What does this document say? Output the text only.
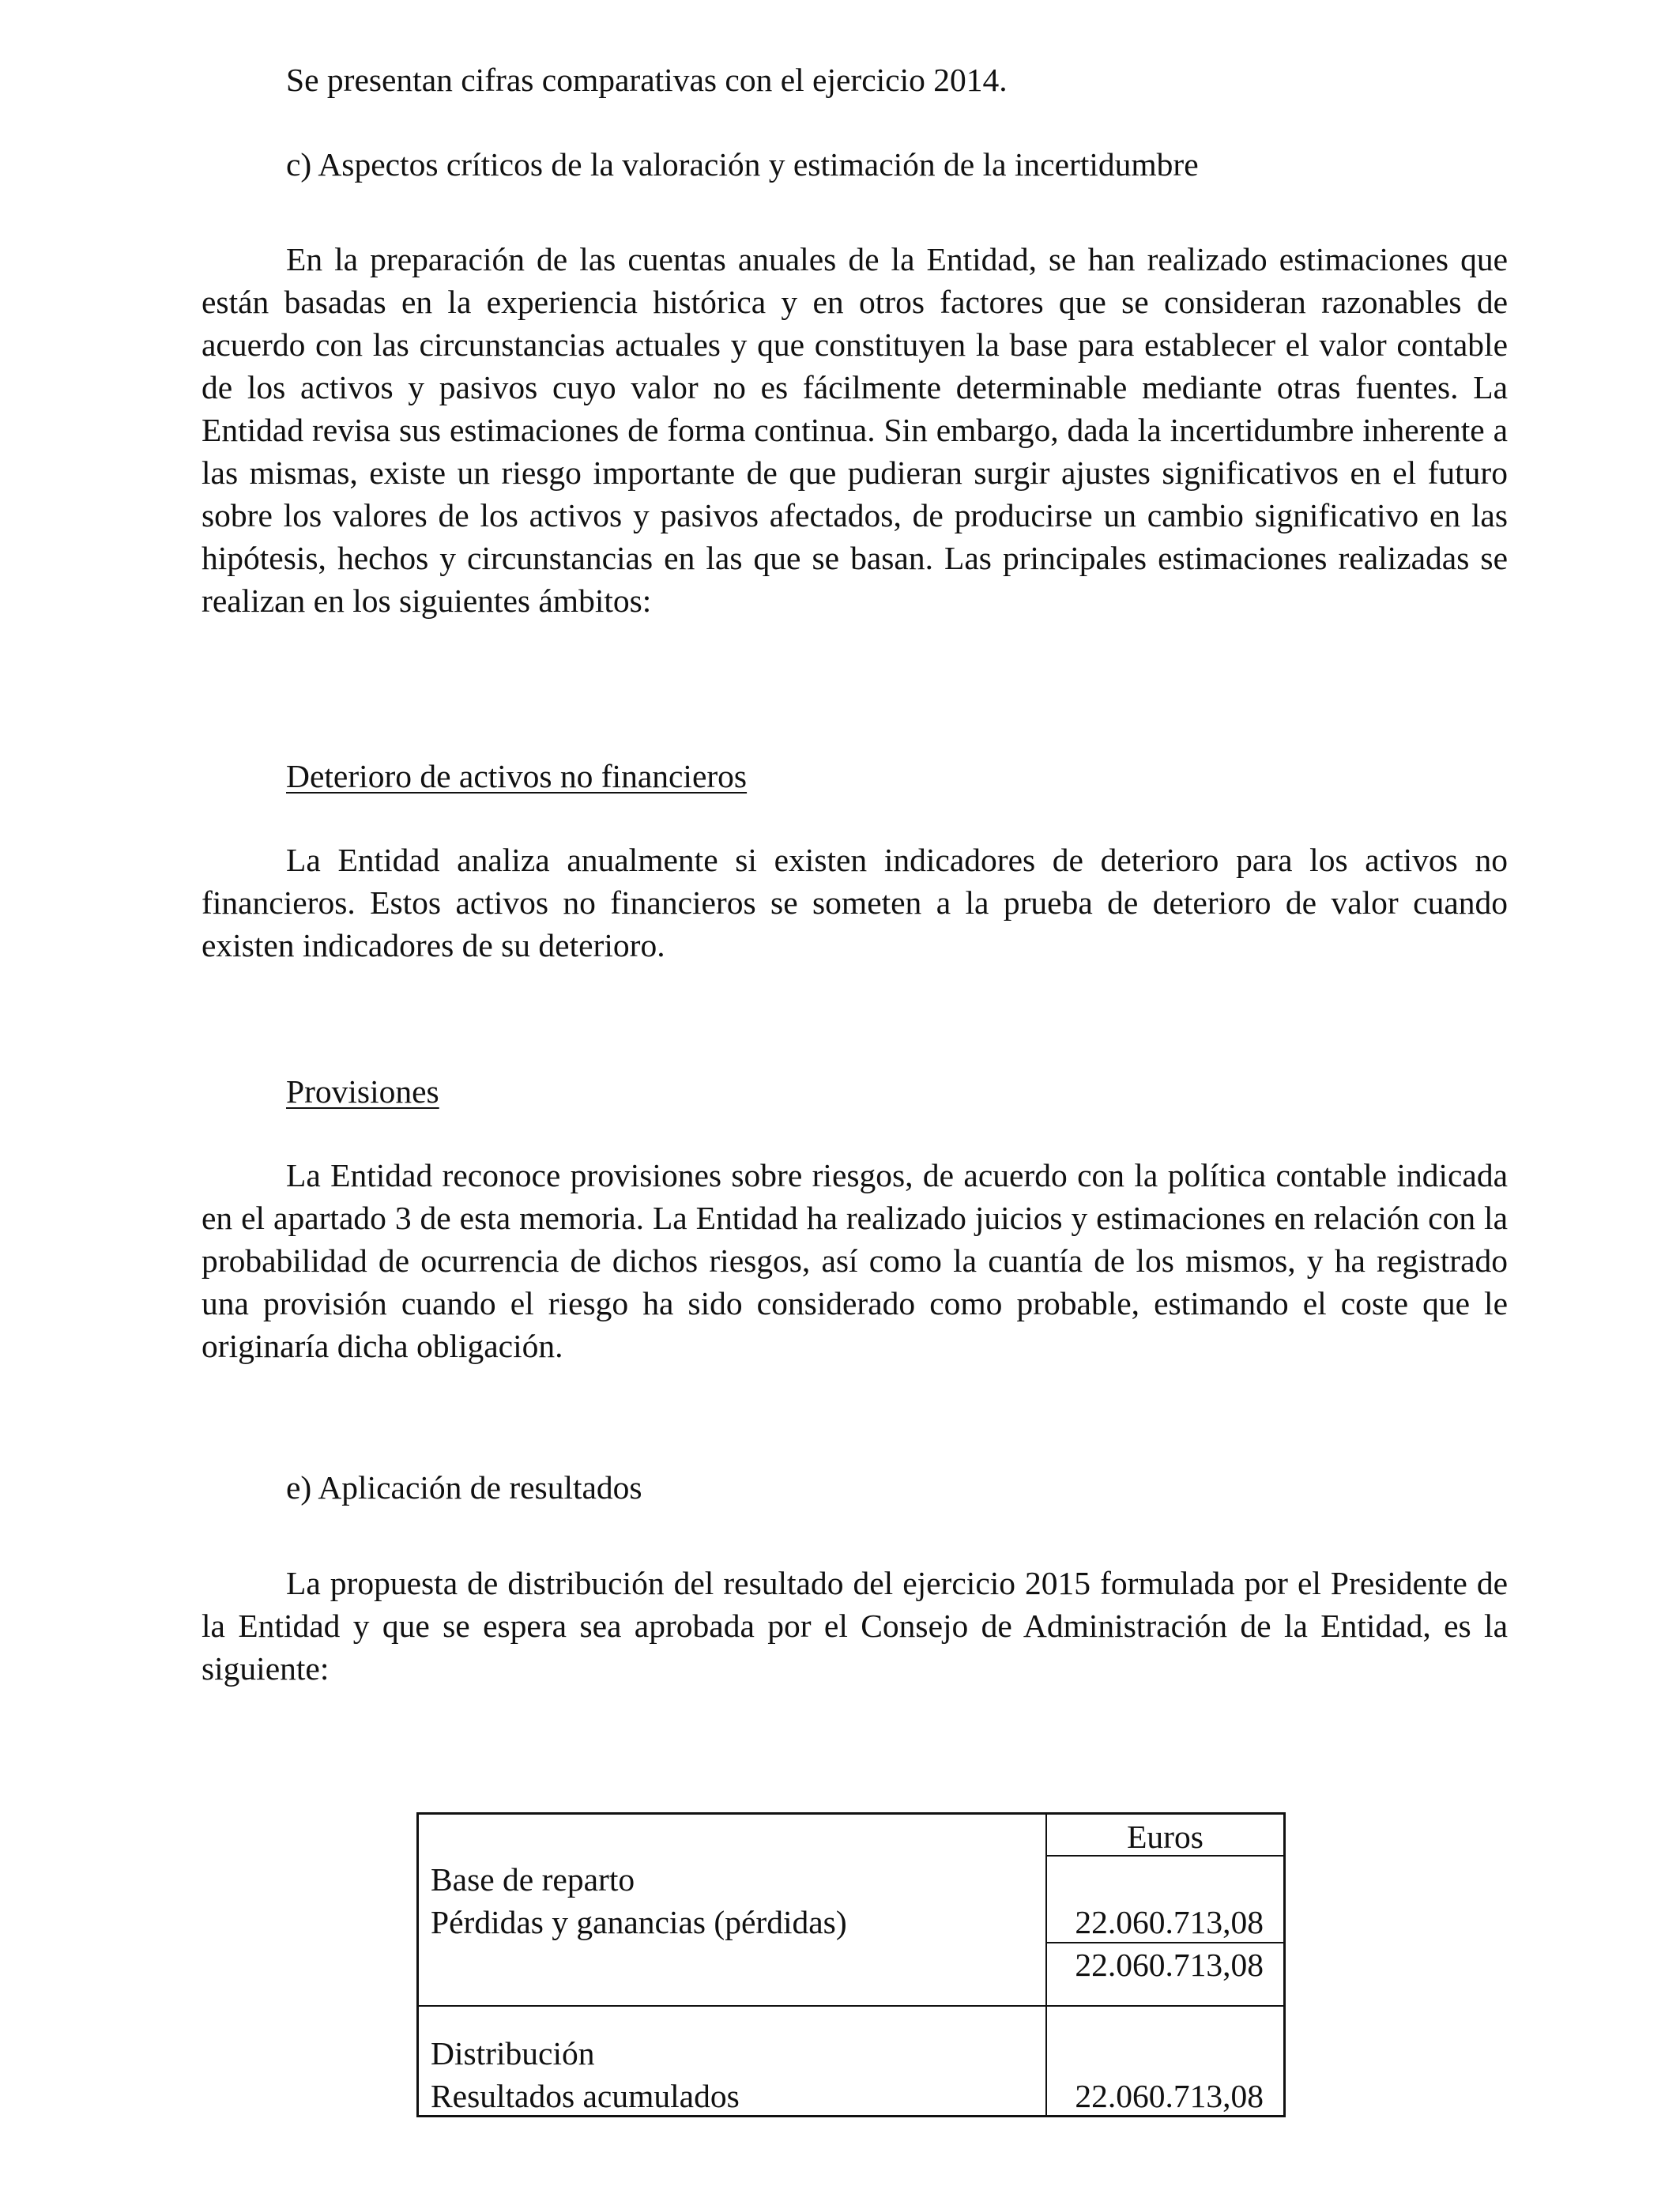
Se presentan cifras comparativas con el ejercicio 2014.

c) Aspectos críticos de la valoración y estimación de la incertidumbre

En la preparación de las cuentas anuales de la Entidad, se han realizado estimaciones que están basadas en la experiencia histórica y en otros factores que se consideran razonables de acuerdo con las circunstancias actuales y que constituyen la base para establecer el valor contable de los activos y pasivos cuyo valor no es fácilmente determinable mediante otras fuentes. La Entidad revisa sus estimaciones de forma continua. Sin embargo, dada la incertidumbre inherente a las mismas, existe un riesgo importante de que pudieran surgir ajustes significativos en el futuro sobre los valores de los activos y pasivos afectados, de producirse un cambio significativo en las hipótesis, hechos y circunstancias en las que se basan. Las principales estimaciones realizadas se realizan en los siguientes ámbitos:

Deterioro de activos no financieros

La Entidad analiza anualmente si existen indicadores de deterioro para los activos no financieros. Estos activos no financieros se someten a la prueba de deterioro de valor cuando existen indicadores de su deterioro.

Provisiones

La Entidad reconoce provisiones sobre riesgos, de acuerdo con la política contable indicada en el apartado 3 de esta memoria. La Entidad ha realizado juicios y estimaciones en relación con la probabilidad de ocurrencia de dichos riesgos, así como la cuantía de los mismos, y ha registrado una provisión cuando el riesgo ha sido considerado como probable, estimando el coste que le originaría dicha obligación.

e) Aplicación de resultados

La propuesta de distribución del resultado del ejercicio 2015 formulada por el Presidente de la Entidad y que se espera sea aprobada por el Consejo de Administración de la Entidad, es la siguiente:

Euros
Base de reparto
Pérdidas y ganancias (pérdidas)	22.060.713,08
22.060.713,08
Distribución
Resultados acumulados	22.060.713,08
